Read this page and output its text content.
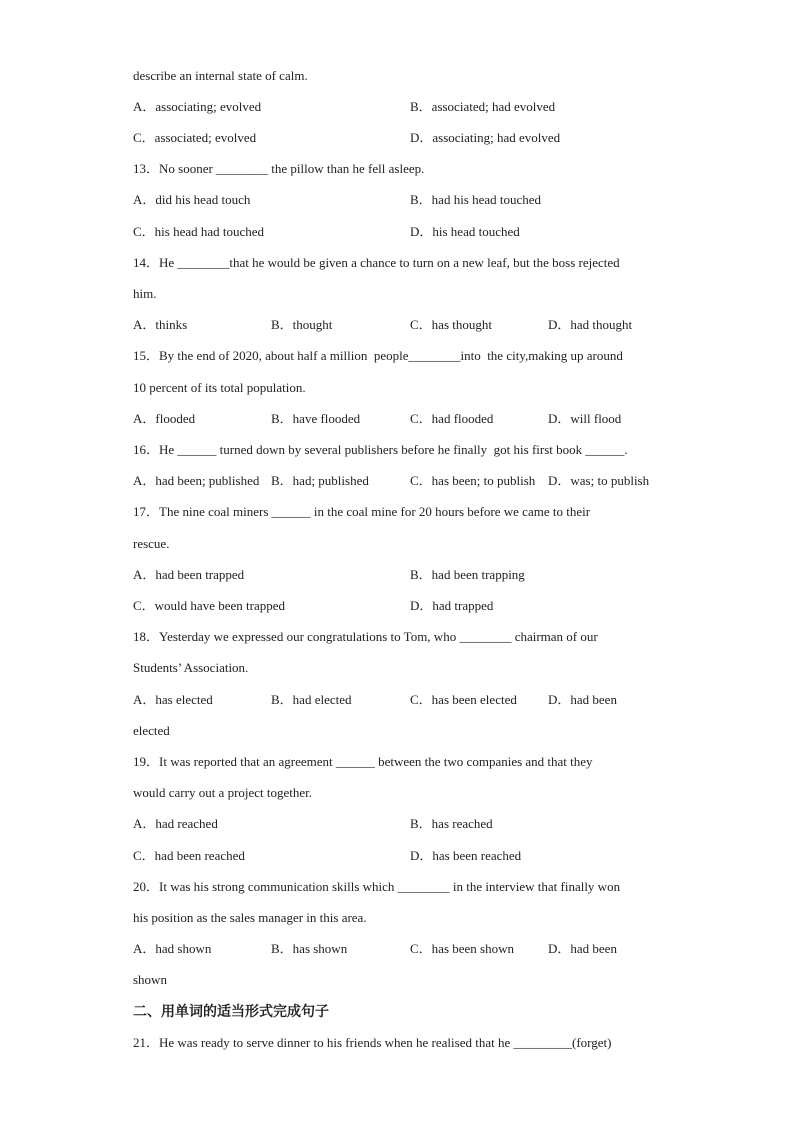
describe an internal state of calm.
A．associating; evolved	B．associated; had evolved
C．associated; evolved	D．associating; had evolved
13．No sooner ________ the pillow than he fell asleep.
A．did his head touch	B．had his head touched
C．his head had touched	D．his head touched
14．He ________that he would be given a chance to turn on a new leaf, but the boss rejected
him.
A．thinks	B．thought	C．has thought	D．had thought
15．By the end of 2020, about half a million  people________into  the city,making up around
10 percent of its total population.
A．flooded	B．have flooded	C．had flooded	D．will flood
16．He ______ turned down by several publishers before he finally  got his first book ______.
A．had been; published B．had; published	C．has been; to publish D．was; to publish
17．The nine coal miners ______ in the coal mine for 20 hours before we came to their
rescue.
A．had been trapped	B．had been trapping
C．would have been trapped	D．had trapped
18．Yesterday we expressed our congratulations to Tom, who ________ chairman of our
Students’ Association.
A．has elected	B．had elected	C．has been elected D．had been
elected
19．It was reported that an agreement ______ between the two companies and that they
would carry out a project together.
A．had reached	B．has reached
C．had been reached	D．has been reached
20．It was his strong communication skills which ________ in the interview that finally won
his position as the sales manager in this area.
A．had shown	B．has shown	C．has been shown	D．had been
shown
二、用单词的适当形式完成句子
21．He was ready to serve dinner to his friends when he realised that he _________(forget)
